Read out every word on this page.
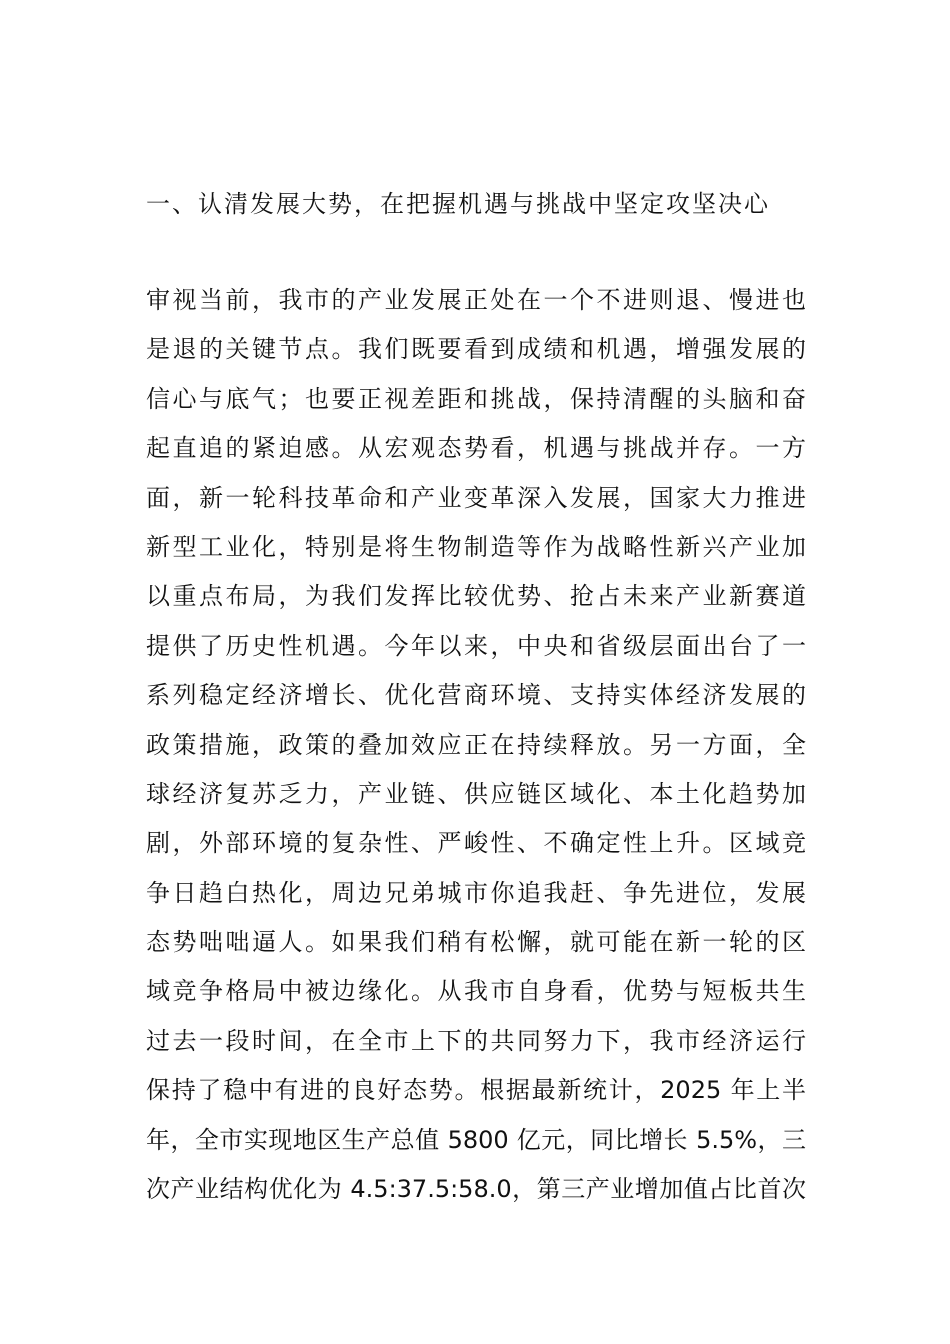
一、认清发展大势，在把握机遇与挑战中坚定攻坚决心
审视当前，我市的产业发展正处在一个不进则退、慢进也
是退的关键节点。我们既要看到成绩和机遇，增强发展的
信心与底气；也要正视差距和挑战，保持清醒的头脑和奋
起直追的紧迫感。从宏观态势看，机遇与挑战并存。一方
面，新一轮科技革命和产业变革深入发展，国家大力推进
新型工业化，特别是将生物制造等作为战略性新兴产业加
以重点布局，为我们发挥比较优势、抢占未来产业新赛道
提供了历史性机遇。今年以来，中央和省级层面出台了一
系列稳定经济增长、优化营商环境、支持实体经济发展的
政策措施，政策的叠加效应正在持续释放。另一方面，全
球经济复苏乏力，产业链、供应链区域化、本土化趋势加
剧，外部环境的复杂性、严峻性、不确定性上升。区域竞
争日趋白热化，周边兄弟城市你追我赶、争先进位，发展
态势咄咄逼人。如果我们稍有松懈，就可能在新一轮的区
域竞争格局中被边缘化。从我市自身看，优势与短板共生
过去一段时间，在全市上下的共同努力下，我市经济运行
保持了稳中有进的良好态势。根据最新统计，2025 年上半
年，全市实现地区生产总值 5800 亿元，同比增长 5.5%，三
次产业结构优化为 4.5:37.5:58.0，第三产业增加值占比首次
